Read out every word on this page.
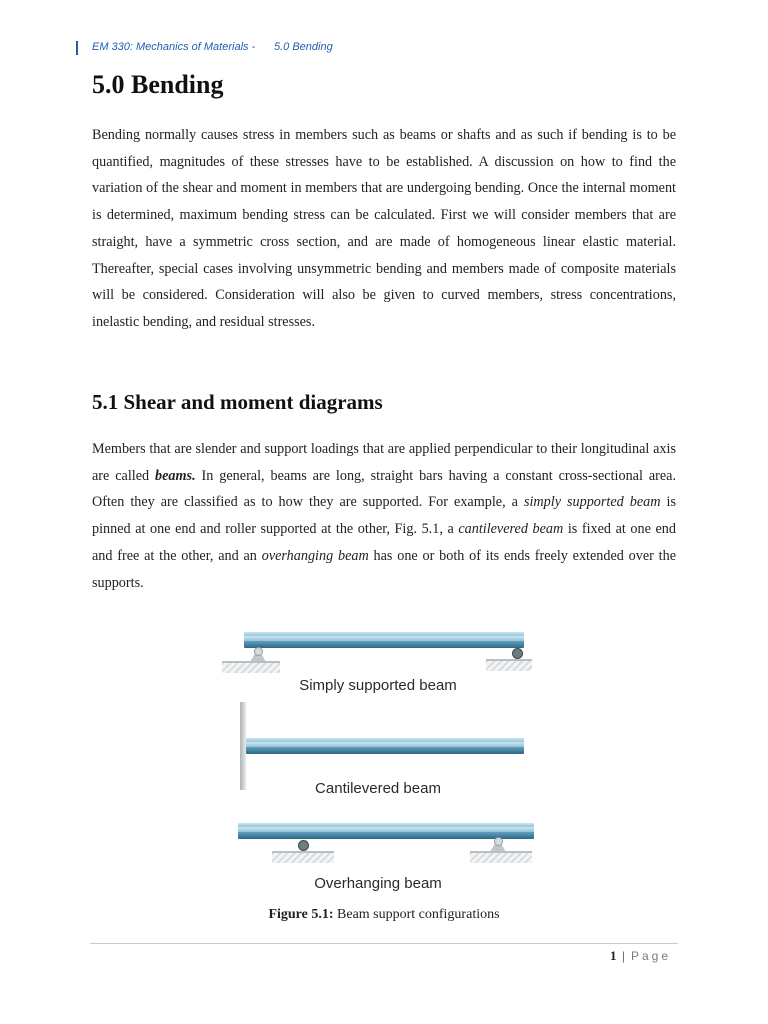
EM 330: Mechanics of Materials - 5.0 Bending
5.0 Bending

Bending normally causes stress in members such as beams or shafts and as such if bending is to be quantified, magnitudes of these stresses have to be established. A discussion on how to find the variation of the shear and moment in members that are undergoing bending. Once the internal moment is determined, maximum bending stress can be calculated. First we will consider members that are straight, have a symmetric cross section, and are made of homogeneous linear elastic material. Thereafter, special cases involving unsymmetric bending and members made of composite materials will be considered. Consideration will also be given to curved members, stress concentrations, inelastic bending, and residual stresses.

5.1 Shear and moment diagrams

Members that are slender and support loadings that are applied perpendicular to their longitudinal axis are called beams. In general, beams are long, straight bars having a constant cross-sectional area. Often they are classified as to how they are supported. For example, a simply supported beam is pinned at one end and roller supported at the other, Fig. 5.1, a cantilevered beam is fixed at one end and free at the other, and an overhanging beam has one or both of its ends freely extended over the supports.

Simply supported beam
Cantilevered beam
Overhanging beam
Figure 5.1: Beam support configurations
1 | Page
